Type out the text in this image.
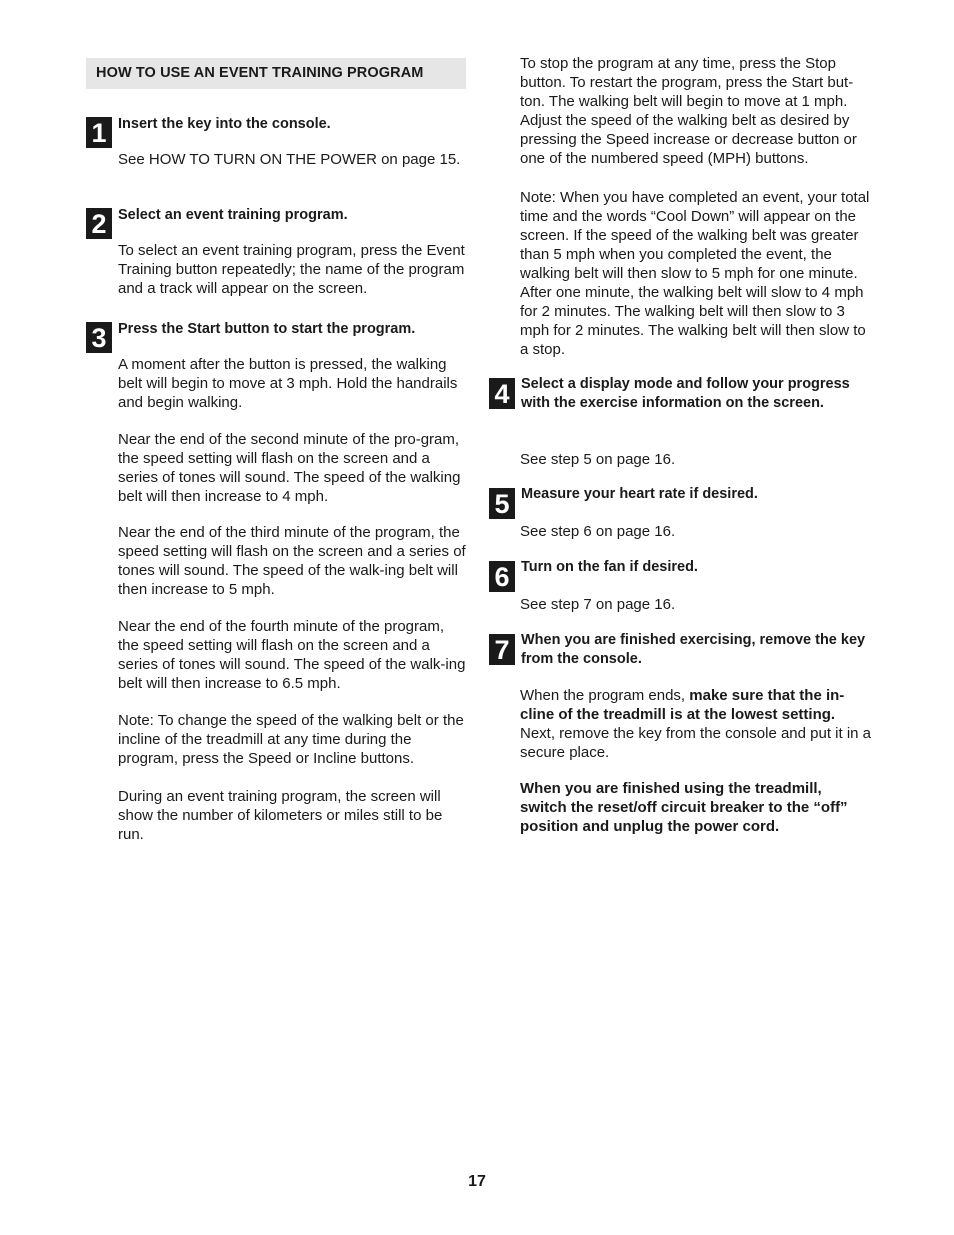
HOW TO USE AN EVENT TRAINING PROGRAM
1 Insert the key into the console.

See HOW TO TURN ON THE POWER on page 15.

2 Select an event training program.

To select an event training program, press the Event Training button repeatedly; the name of the program and a track will appear on the screen.

3 Press the Start button to start the program.

A moment after the button is pressed, the walking belt will begin to move at 3 mph. Hold the handrails and begin walking.

Near the end of the second minute of the pro-gram, the speed setting will flash on the screen and a series of tones will sound. The speed of the walking belt will then increase to 4 mph.

Near the end of the third minute of the program, the speed setting will flash on the screen and a series of tones will sound. The speed of the walk-ing belt will then increase to 5 mph.

Near the end of the fourth minute of the program, the speed setting will flash on the screen and a series of tones will sound. The speed of the walk-ing belt will then increase to 6.5 mph.

Note: To change the speed of the walking belt or the incline of the treadmill at any time during the program, press the Speed or Incline buttons.

During an event training program, the screen will show the number of kilometers or miles still to be run.

To stop the program at any time, press the Stop button. To restart the program, press the Start but-ton. The walking belt will begin to move at 1 mph. Adjust the speed of the walking belt as desired by pressing the Speed increase or decrease button or one of the numbered speed (MPH) buttons.

Note: When you have completed an event, your total time and the words “Cool Down” will appear on the screen. If the speed of the walking belt was greater than 5 mph when you completed the event, the walking belt will then slow to 5 mph for one minute. After one minute, the walking belt will slow to 4 mph for 2 minutes. The walking belt will then slow to 3 mph for 2 minutes. The walking belt will then slow to a stop.

4 Select a display mode and follow your progress with the exercise information on the screen.

See step 5 on page 16.

5 Measure your heart rate if desired.

See step 6 on page 16.

6 Turn on the fan if desired.

See step 7 on page 16.

7 When you are finished exercising, remove the key from the console.

When the program ends, make sure that the in-cline of the treadmill is at the lowest setting. Next, remove the key from the console and put it in a secure place.

When you are finished using the treadmill, switch the reset/off circuit breaker to the “off” position and unplug the power cord.

17
